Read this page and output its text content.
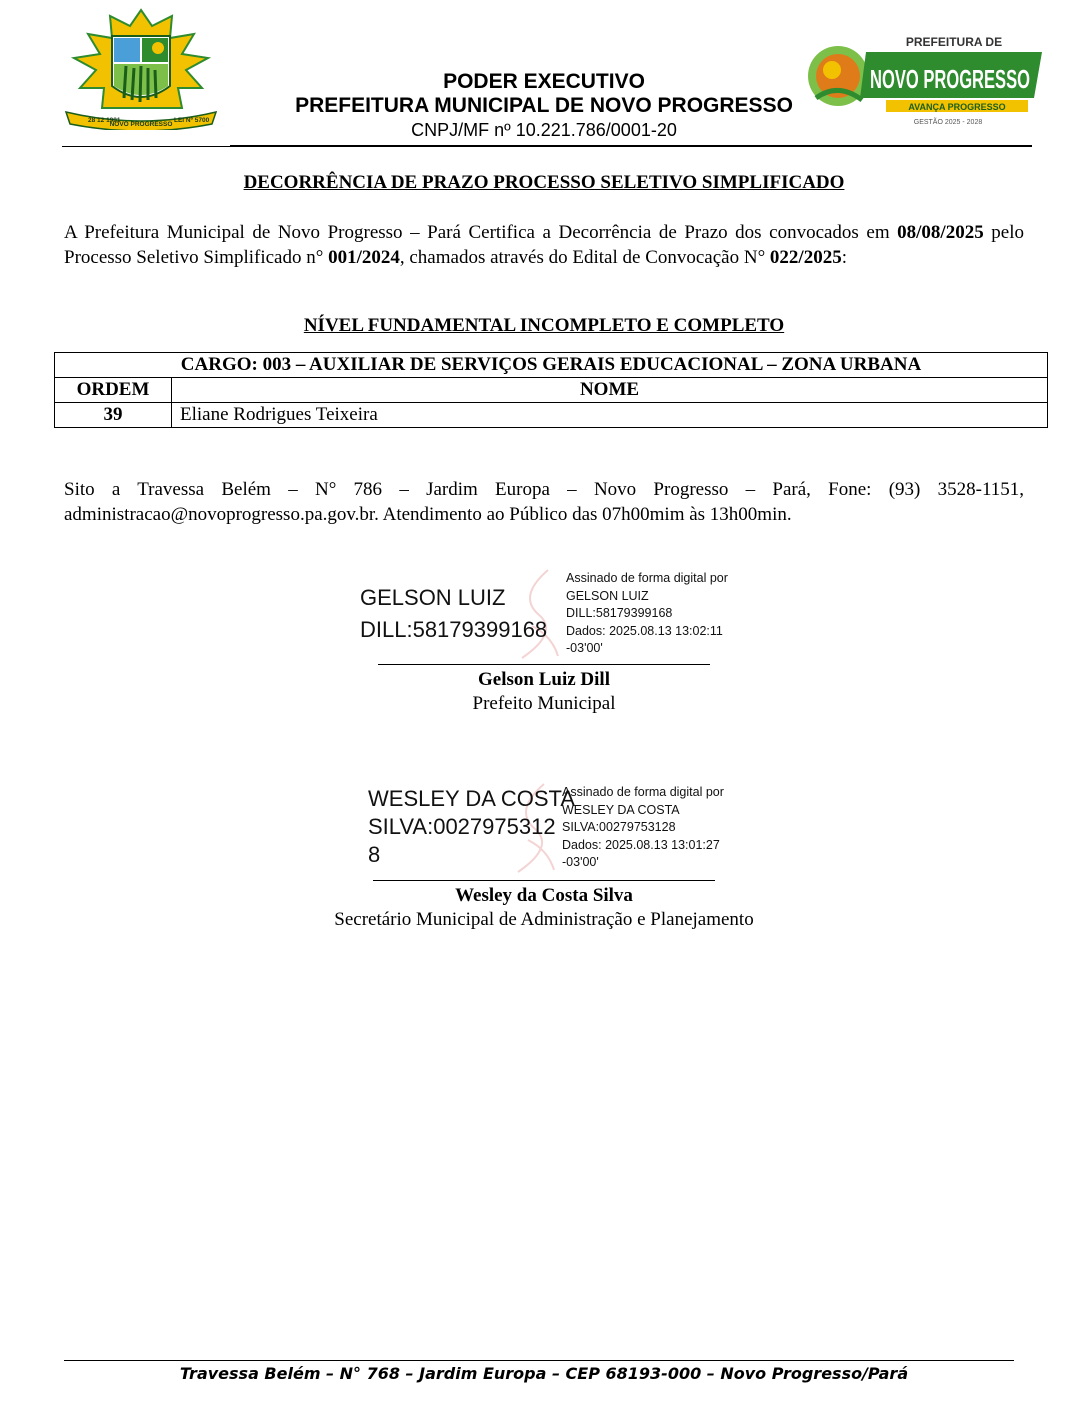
28 12 1991
NOVO PROGRESSO
LEI Nº 5700
PODER EXECUTIVO
PREFEITURA MUNICIPAL DE NOVO PROGRESSO
CNPJ/MF nº 10.221.786/0001-20
PREFEITURA DE
NOVO PROGRESSO
AVANÇA PROGRESSO
GESTÃO 2025 - 2028
DECORRÊNCIA DE PRAZO PROCESSO SELETIVO SIMPLIFICADO
A Prefeitura Municipal de Novo Progresso – Pará Certifica a Decorrência de Prazo dos convocados em 08/08/2025 pelo Processo Seletivo Simplificado n° 001/2024, chamados através do Edital de Convocação N° 022/2025:
NÍVEL FUNDAMENTAL INCOMPLETO E COMPLETO
CARGO: 003 – AUXILIAR DE SERVIÇOS GERAIS EDUCACIONAL – ZONA URBANA	
ORDEM	NOME
39	Eliane Rodrigues Teixeira
Sito a Travessa Belém – N° 786 – Jardim Europa – Novo Progresso – Pará, Fone: (93) 3528-1151, administracao@novoprogresso.pa.gov.br. Atendimento ao Público das 07h00mim às 13h00min.
GELSON LUIZ
DILL:58179399168
Assinado de forma digital por
GELSON LUIZ
DILL:58179399168
Dados: 2025.08.13 13:02:11
-03'00'
Gelson Luiz Dill
Prefeito Municipal
WESLEY DA COSTA
SILVA:0027975312
8
Assinado de forma digital por
WESLEY DA COSTA
SILVA:00279753128
Dados: 2025.08.13 13:01:27
-03'00'
Wesley da Costa Silva
Secretário Municipal de Administração e Planejamento
Travessa Belém – N° 768 – Jardim Europa – CEP 68193-000 – Novo Progresso/Pará
